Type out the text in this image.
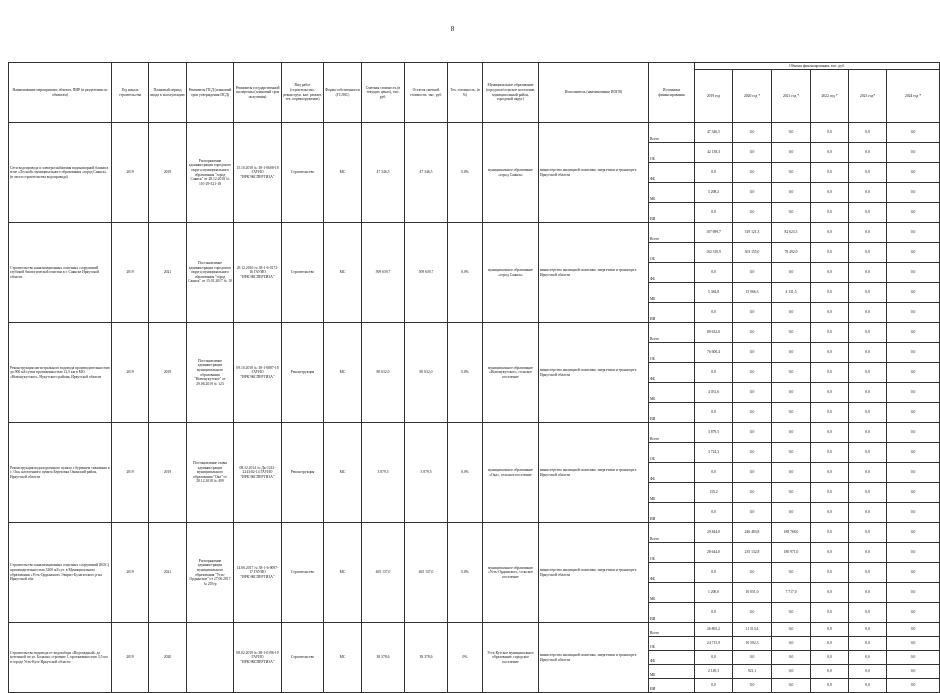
8
Наименование мероприятия, объекта, ПИР (в разделении по объектам)	Год начала строительства	Плановый период ввода в эксплуатацию	Реквизиты ПСД (плановый срок утверждения ПСД)	Реквизиты государственной экспертизы (плановый срок получения)	Вид работ (строительство, реконструк. кап. ремонт, тех. перевооружение)	Форма собственности (ГС/МС)	Сметная стоимость (в текущих ценах), тыс. руб.	Остаток сметной стоимости, тыс. руб.	Тех. готовность, (в %)	Муниципальное образование (городское/сельское поселение, муниципальный район, городской округ)	Исполнитель (наименование ИОГВ)	Источники финансирования	Объемы финансирования, тыс. руб.					
													2019 год	2020 год *	2021 год *	2022 год *	2023 год*	2024 год *
Сети водопровода и электроснабжения водонапорной башни в м-не «Лесной» муниципального образования «город Саянск» (в части строительства водопровода)	2019	2019	Распоряжение администрации городского округа муниципального образования "город Саянск" от 28.12.2018 № 110-29-321-18	15.10.2018 № 38-1-0608-18 ГАУИО "ИРКЭКСПЕРТИЗА"	Строительство	МС	47 346,5	47 346,5	0,0%	муниципальное образование «город Саянск»	министерство жилищной политики, энергетики и транспорта Иркутской области	Всего	47 346,5	0,0	0,0	0,0	0,0	0,0
												ОБ	42 138,3	0,0	0,0	0,0	0,0	0,0
												ФБ	0,0	0,0	0,0	0,0	0,0	0,0
												МБ	5 208,2	0,0	0,0	0,0	0,0	0,0
												ИИ	0,0	0,0	0,0	0,0	0,0	0,0
Строительство канализационных очистных сооружений глубокой биологической очистки в г. Саянске Иркутской области	2019	2021	Постановление администрации городского округа муниципального образования "город Саянск" от 15.01.2017 № 10	29.12.2016 № 38-1-6-0172-16 ГАУИО "ИРКЭКСПЕРТИЗА"	Строительство	МС	509 639,7	509 639,7	0,0%	муниципальное образование «город Саянск»	министерство жилищной политики, энергетики и транспорта Иркутской области	Всего	107 699,7	319 121,3	82 623,5	0,0	0,0	0,0
												ОБ	102 310,9	303 155,0	78 492,0	0,0	0,0	0,0
												ФБ	0,0	0,0	0,0	0,0	0,0	0,0
												МБ	5 384,8	15 966,3	4 131,5	0,0	0,0	0,0
												ИИ	0,0	0,0	0,0	0,0	0,0	0,0
Реконструкция магистрального водовода производительностью до 900 м3/сутки протяженностью 12,5 км в МО «Новонукутское», Нукутского района, Иркутской области	2019	2019	Постановление администрации муниципального образования "Новонукутское" от 29.06.2019 № 123	09.10.2018 № 38-1-0887-18 ГАУИО "ИРКЭКСПЕРТИЗА"	Реконструкция	МС	80 632,0	80 632,0	0,0%	муниципальное образование «Новонукутское», сельское поселение	министерство жилищной политики, энергетики и транспорта Иркутской области	Всего	80 632,0	0,0	0,0	0,0	0,0	0,0
												ОБ	76 600,4	0,0	0,0	0,0	0,0	0,0
												ФБ	0,0	0,0	0,0	0,0	0,0	0,0
												МБ	4 031,6	0,0	0,0	0,0	0,0	0,0
												ИИ	0,0	0,0	0,0	0,0	0,0	0,0
Реконструкция водоподъемного пункта с бурением скважины в с. Ока, населенного пункта Березовка Окинский район, Иркутской области	2019	2019	Постановление главы администрации муниципального образования "Ока" от 28.12.2018 № 499	08.12.2014 № Дк-1241-2243/02-14 ГАУИО "ИРКЭКСПЕРТИЗА"	Реконструкция	МС	3 879,5	3 879,5	0,0%	муниципальное образование «Ока», сельское поселение	министерство жилищной политики, энергетики и транспорта Иркутской области	Всего	3 879,5	0,0	0,0	0,0	0,0	0,0
												ОБ	3 724,3	0,0	0,0	0,0	0,0	0,0
												ФБ	0,0	0,0	0,0	0,0	0,0	0,0
												МБ	155,2	0,0	0,0	0,0	0,0	0,0
												ИИ	0,0	0,0	0,0	0,0	0,0	0,0
Строительство канализационных очистных сооружений (КОС) производительностью 3200 м3/сут. в Муниципальном образовании «Усть-Ордынское» Эхирит-Булагатского р-на Иркутской обл.	2019	2021	Распоряжение администрации муниципального образования "Усть-Ордынское" от 27.06.2017 № 203-р	14.06.2017 № 38-1-6-0097-17 ГАУИО "ИРКЭКСПЕРТИЗА"	Строительство	МС	465 137,0	465 137,0	0,0%	муниципальное образование «Усть-Ордынское», сельское поселение	министерство жилищной политики, энергетики и транспорта Иркутской области	Всего	29 844,0	246 483,8	188 768,0	0,0	0,0	0,0
												ОБ	28 644,0	235 132,8	180 971,0	0,0	0,0	0,0
												ФБ	0,0	0,0	0,0	0,0	0,0	0,0
												МБ	1 200,0	10 051,0	7 717,0	0,0	0,0	0,0
												ИИ	0,0	0,0	0,0	0,0	0,0	0,0
Строительство водовода от водозабора «Водопадный» до котельной по ул. Балахна, строение 1, протяженностью 3,5 км в городе Усть-Куте Иркутской области	2019	2020		08.02.2019 № 38-1-0196-19 ГАУИО "ИРКЭКСПЕРТИЗА"	Строительство	МС	38 378,6	38 378,6	0%	Усть-Кутское муниципальное образование, городское поселение	министерство жилищной политики, энергетики и транспорта Иркутской области	Всего	26 865,2	11 513,4	0,0	0,0	0,0	0,0
												ОБ	24 715,9	10 592,3	0,0	0,0	0,0	0,0
												ФБ	0,0	0,0	0,0	0,0	0,0	0,0
												МБ	2 149,3	921,1	0,0	0,0	0,0	0,0
												ИИ	0,0	0,0	0,0	0,0	0,0	0,0
